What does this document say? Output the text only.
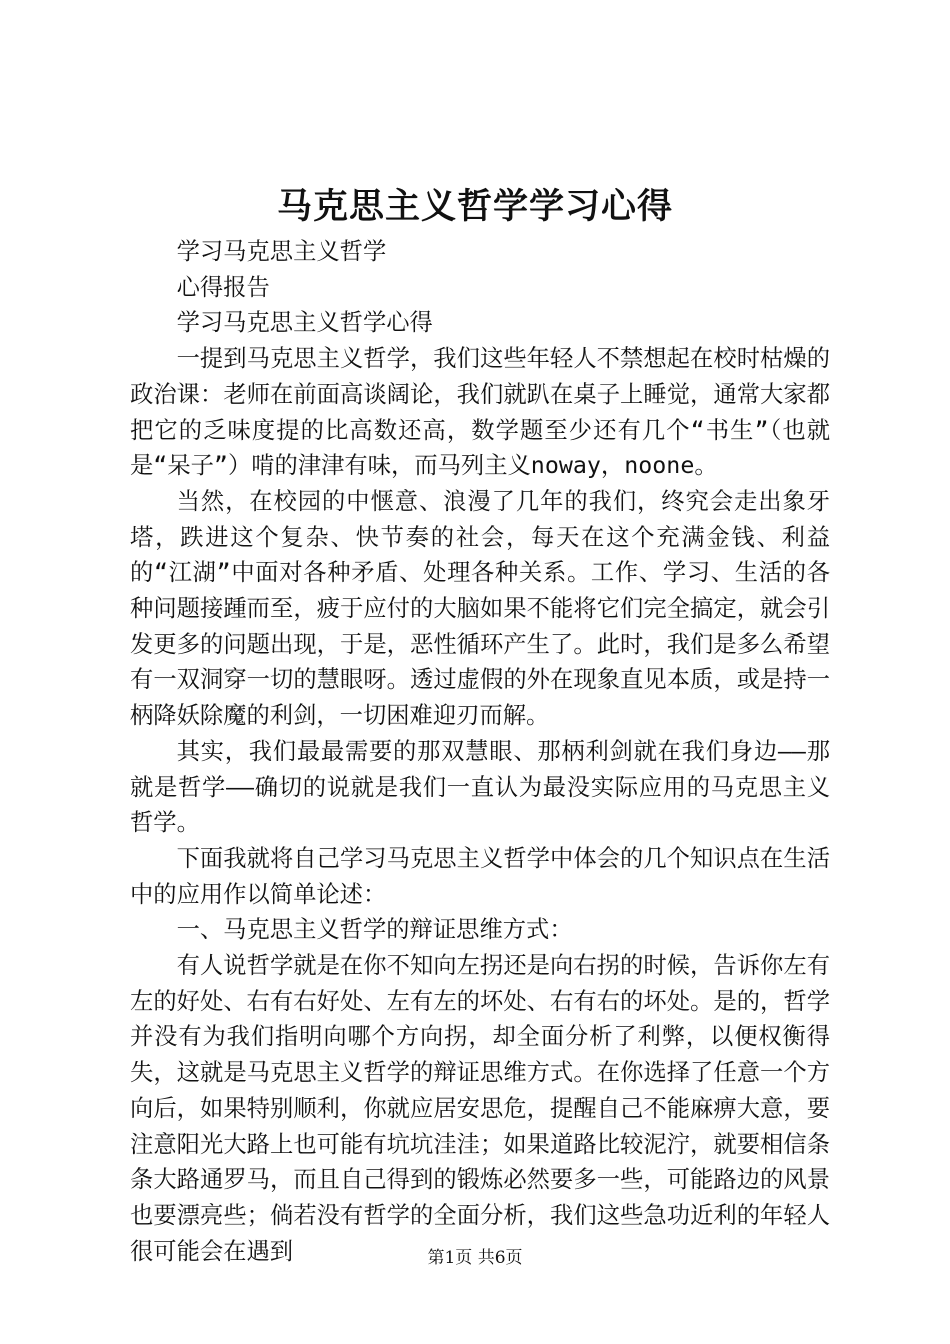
马克思主义哲学学习心得

学习马克思主义哲学

心得报告

学习马克思主义哲学心得

一提到马克思主义哲学，我们这些年轻人不禁想起在校时枯燥的政治课：老师在前面高谈阔论，我们就趴在桌子上睡觉，通常大家都把它的乏味度提的比高数还高，数学题至少还有几个“书生”（也就是“呆子”）啃的津津有味，而马列主义noway，noone。

当然，在校园的中惬意、浪漫了几年的我们，终究会走出象牙塔，跌进这个复杂、快节奏的社会，每天在这个充满金钱、利益的“江湖”中面对各种矛盾、处理各种关系。工作、学习、生活的各种问题接踵而至，疲于应付的大脑如果不能将它们完全搞定，就会引发更多的问题出现，于是，恶性循环产生了。此时，我们是多么希望有一双洞穿一切的慧眼呀。透过虚假的外在现象直见本质，或是持一柄降妖除魔的利剑，一切困难迎刃而解。

其实，我们最最需要的那双慧眼、那柄利剑就在我们身边——那就是哲学——确切的说就是我们一直认为最没实际应用的马克思主义哲学。

下面我就将自己学习马克思主义哲学中体会的几个知识点在生活中的应用作以简单论述：

一、马克思主义哲学的辩证思维方式：

有人说哲学就是在你不知向左拐还是向右拐的时候，告诉你左有左的好处、右有右好处、左有左的坏处、右有右的坏处。是的，哲学并没有为我们指明向哪个方向拐，却全面分析了利弊，以便权衡得失，这就是马克思主义哲学的辩证思维方式。在你选择了任意一个方向后，如果特别顺利，你就应居安思危，提醒自己不能麻痹大意，要注意阳光大路上也可能有坑坑洼洼；如果道路比较泥泞，就要相信条条大路通罗马，而且自己得到的锻炼必然要多一些，可能路边的风景也要漂亮些；倘若没有哲学的全面分析，我们这些急功近利的年轻人很可能会在遇到	第1页 共6页
